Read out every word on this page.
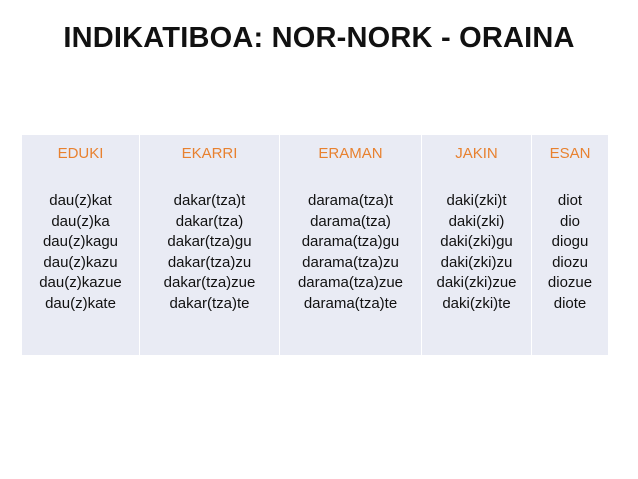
INDIKATIBOA: NOR-NORK - ORAINA
EDUKI
dau(z)kat
dau(z)ka
dau(z)kagu
dau(z)kazu
dau(z)kazue
dau(z)kate
EKARRI
dakar(tza)t
dakar(tza)
dakar(tza)gu
dakar(tza)zu
dakar(tza)zue
dakar(tza)te
ERAMAN
darama(tza)t
darama(tza)
darama(tza)gu
darama(tza)zu
darama(tza)zue
darama(tza)te
JAKIN
daki(zki)t
daki(zki)
daki(zki)gu
daki(zki)zu
daki(zki)zue
daki(zki)te
ESAN
diot
dio
diogu
diozu
diozue
diote
